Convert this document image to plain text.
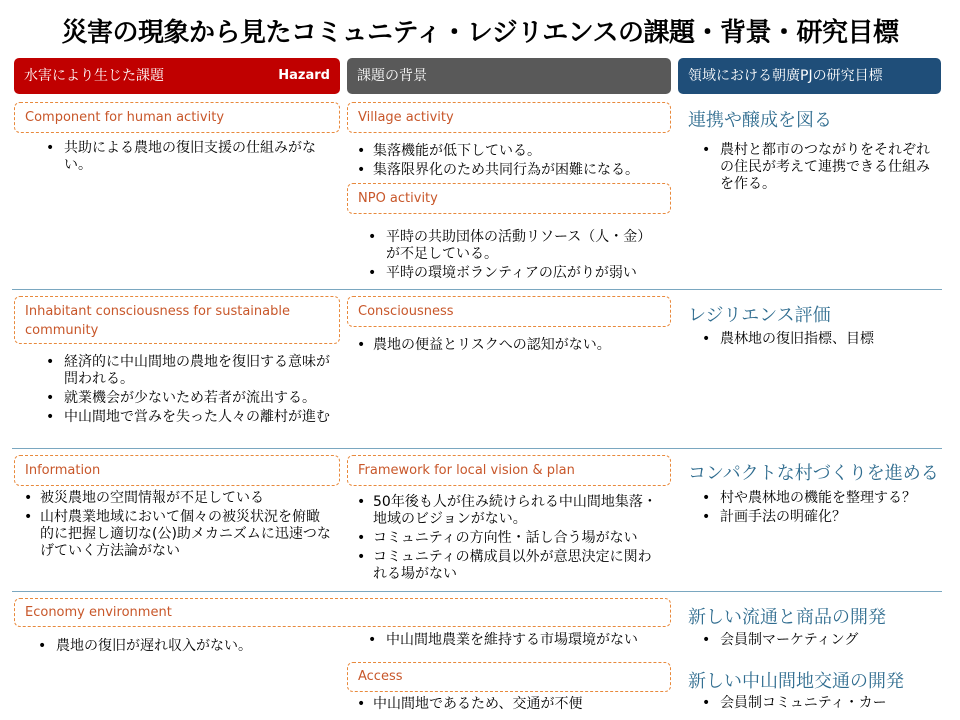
災害の現象から見たコミュニティ・レジリエンスの課題・背景・研究目標
水害により生じた課題	Hazard	課題の背景	領域における朝廣PJの研究目標
Component for human activity
• 共助による農地の復旧支援の仕組みがない。
Village activity
• 集落機能が低下している。
• 集落限界化のため共同行為が困難になる。
NPO activity
• 平時の共助団体の活動リソース（人・金）が不足している。
• 平時の環境ボランティアの広がりが弱い
連携や醸成を図る
• 農村と都市のつながりをそれぞれの住民が考えて連携できる仕組みを作る。
Inhabitant consciousness for sustainable community
• 経済的に中山間地の農地を復旧する意味が問われる。
• 就業機会が少ないため若者が流出する。
• 中山間地で営みを失った人々の離村が進む
Consciousness
• 農地の便益とリスクへの認知がない。
レジリエンス評価
• 農林地の復旧指標、目標
Information
• 被災農地の空間情報が不足している
• 山村農業地域において個々の被災状況を俯瞰的に把握し適切な(公)助メカニズムに迅速つなげていく方法論がない
Framework for local vision & plan
• 50年後も人が住み続けられる中山間地集落・地域のビジョンがない。
• コミュニティの方向性・話し合う場がない
• コミュニティの構成員以外が意思決定に関われる場がない
コンパクトな村づくりを進める
• 村や農林地の機能を整理する？
• 計画手法の明確化？
Economy environment
• 農地の復旧が遅れ収入がない。
•	中山間地農業を維持する市場環境がない
Access
• 中山間地であるため、交通が不便
新しい流通と商品の開発
• 会員制マーケティング
新しい中山間地交通の開発
• 会員制コミュニティ・カー
